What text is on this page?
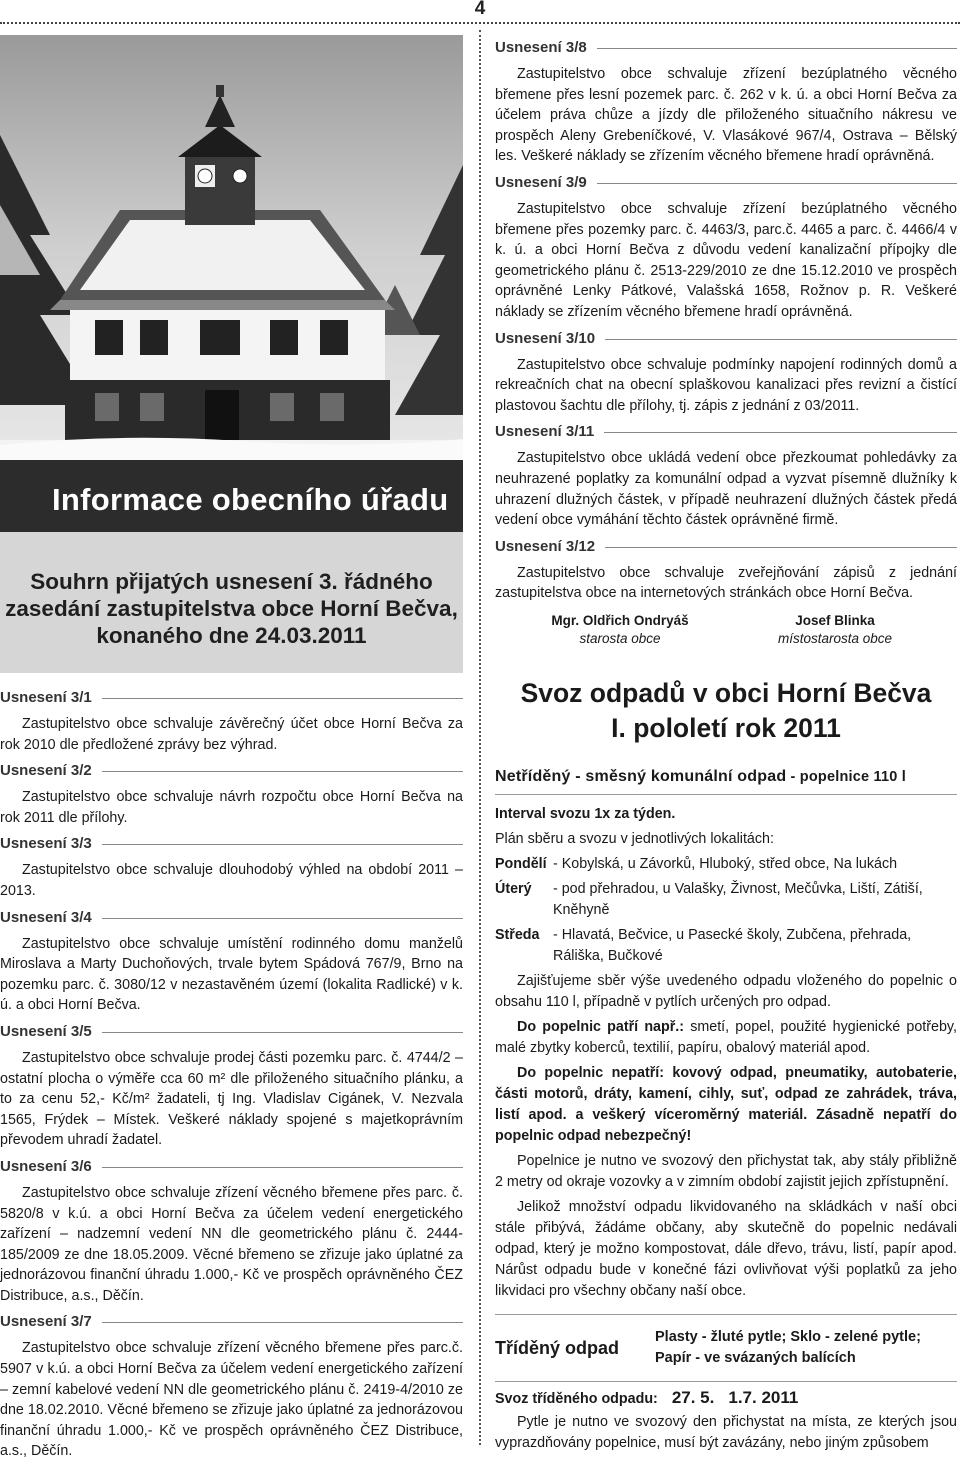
4
Informace obecního úřadu
Souhrn přijatých usnesení 3. řádného
zasedání zastupitelstva obce Horní Bečva,
konaného dne 24.03.2011
Usnesení 3/1
Zastupitelstvo obce schvaluje závěrečný účet obce Horní Bečva za rok 2010 dle předložené zprávy bez výhrad.
Usnesení 3/2
Zastupitelstvo obce schvaluje návrh rozpočtu obce Horní Bečva na rok 2011 dle přílohy.
Usnesení 3/3
Zastupitelstvo obce schvaluje dlouhodobý výhled na období 2011 – 2013.
Usnesení 3/4
Zastupitelstvo obce schvaluje umístění rodinného domu manželů Miroslava a Marty Duchoňových, trvale bytem Spádová 767/9, Brno na pozemku parc. č. 3080/12 v nezastavěném území (lokalita Radlické) v k. ú. a obci Horní Bečva.
Usnesení 3/5
Zastupitelstvo obce schvaluje prodej části pozemku parc. č. 4744/2 – ostatní plocha o výměře cca 60 m² dle přiloženého situačního plánku, a to za cenu 52,- Kč/m² žadateli, tj Ing. Vladislav Cigánek, V. Nezvala 1565, Frýdek – Místek. Veškeré náklady spojené s majetkoprávním převodem uhradí žadatel.
Usnesení 3/6
Zastupitelstvo obce schvaluje zřízení věcného břemene přes parc. č. 5820/8 v k.ú. a obci Horní Bečva za účelem vedení energetického zařízení – nadzemní vedení NN dle geometrického plánu č. 2444-185/2009 ze dne 18.05.2009. Věcné břemeno se zřizuje jako úplatné za jednorázovou finanční úhradu 1.000,- Kč ve prospěch oprávněného ČEZ Distribuce, a.s., Děčín.
Usnesení 3/7
Zastupitelstvo obce schvaluje zřízení věcného břemene přes parc.č. 5907 v k.ú. a obci Horní Bečva za účelem vedení energetického zařízení – zemní kabelové vedení NN dle geometrického plánu č. 2419-4/2010 ze dne 18.02.2010. Věcné břemeno se zřizuje jako úplatné za jednorázovou finanční úhradu 1.000,- Kč ve prospěch oprávněného ČEZ Distribuce, a.s., Děčín.
Usnesení 3/8
Zastupitelstvo obce schvaluje zřízení bezúplatného věcného břemene přes lesní pozemek parc. č. 262 v k. ú. a obci Horní Bečva za účelem práva chůze a jízdy dle přiloženého situačního nákresu ve prospěch Aleny Grebeníčkové, V. Vlasákové 967/4, Ostrava – Bělský les. Veškeré náklady se zřízením věcného břemene hradí oprávněná.
Usnesení 3/9
Zastupitelstvo obce schvaluje zřízení bezúplatného věcného břemene přes pozemky parc. č. 4463/3, parc.č. 4465 a parc. č. 4466/4 v k. ú. a obci Horní Bečva z důvodu vedení kanalizační přípojky dle geometrického plánu č. 2513-229/2010 ze dne 15.12.2010 ve prospěch oprávněné Lenky Pátkové, Valašská 1658, Rožnov p. R. Veškeré náklady se zřízením věcného břemene hradí oprávněná.
Usnesení 3/10
Zastupitelstvo obce schvaluje podmínky napojení rodinných domů a rekreačních chat na obecní splaškovou kanalizaci přes revizní a čistící plastovou šachtu dle přílohy, tj. zápis z jednání z 03/2011.
Usnesení 3/11
Zastupitelstvo obce ukládá vedení obce přezkoumat pohledávky za neuhrazené poplatky za komunální odpad a vyzvat písemně dlužníky k uhrazení dlužných částek, v případě neuhrazení dlužných částek předá vedení obce vymáhání těchto částek oprávněné firmě.
Usnesení 3/12
Zastupitelstvo obce schvaluje zveřejňování zápisů z jednání zastupitelstva obce na internetových stránkách obce Horní Bečva.
Mgr. Oldřich Ondryáš
starosta obce
Josef Blinka
místostarosta obce
Svoz odpadů v obci Horní Bečva
I. pololetí rok 2011
Netříděný - směsný komunální odpad - popelnice 110 l
Interval svozu 1x za týden.
Plán sběru a svozu v jednotlivých lokalitách:
Pondělí - Kobylská, u Závorků, Hluboký, střed obce, Na lukách
Úterý	- pod přehradou, u Valašky, Živnost, Mečůvka, Liští, Zátiší, Kněhyně
Středa - Hlavatá, Bečvice, u Pasecké školy, Zubčena, přehrada, Ráliška, Bučkové
Zajišťujeme sběr výše uvedeného odpadu vloženého do popelnic o obsahu 110 l, případně v pytlích určených pro odpad.
Do popelnic patří např.: smetí, popel, použité hygienické potřeby, malé zbytky koberců, textilií, papíru, obalový materiál apod.
Do popelnic nepatří: kovový odpad, pneumatiky, autobaterie, části motorů, dráty, kamení, cihly, suť, odpad ze zahrádek, tráva, listí apod. a veškerý víceroměrný materiál. Zásadně nepatří do popelnic odpad nebezpečný!
Popelnice je nutno ve svozový den přichystat tak, aby stály přibližně 2 metry od okraje vozovky a v zimním období zajistit jejich zpřístupnění.
Jelikož množství odpadu likvidovaného na skládkách v naší obci stále přibývá, žádáme občany, aby skutečně do popelnic nedávali odpad, který je možno kompostovat, dále dřevo, trávu, listí, papír apod. Nárůst odpadu bude v konečné fázi ovlivňovat výši poplatků za jeho likvidaci pro všechny občany naší obce.
Tříděný odpad
Plasty - žluté pytle; Sklo - zelené pytle;
Papír - ve svázaných balících
Svoz tříděného odpadu: 27. 5. 1.7. 2011
Pytle je nutno ve svozový den přichystat na místa, ze kterých jsou vyprazdňovány popelnice, musí být zavázány, nebo jiným způsobem
